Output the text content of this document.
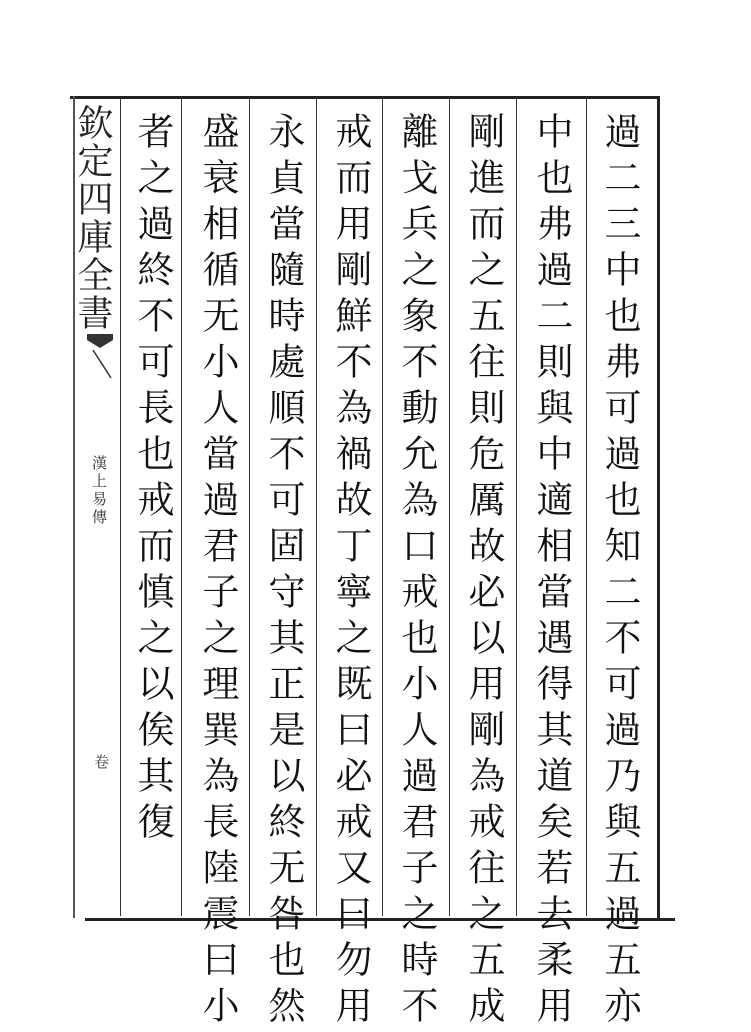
欽定四庫全書
漢上易傳
卷	過二三中也弗可過也知二不可過乃與五過五亦
中也弗過二則與中適相當遇得其道矣若去柔用
剛進而之五往則危厲故必以用剛為戒往之五成
離戈兵之象不動允為口戒也小人過君子之時不
戒而用剛鮮不為禍故丁寧之既曰必戒又曰勿用
永貞當隨時處順不可固守其正是以終无咎也然
盛衰相循无小人當過君子之理巽為長陸震曰小
者之過終不可長也戒而慎之以俟其復
